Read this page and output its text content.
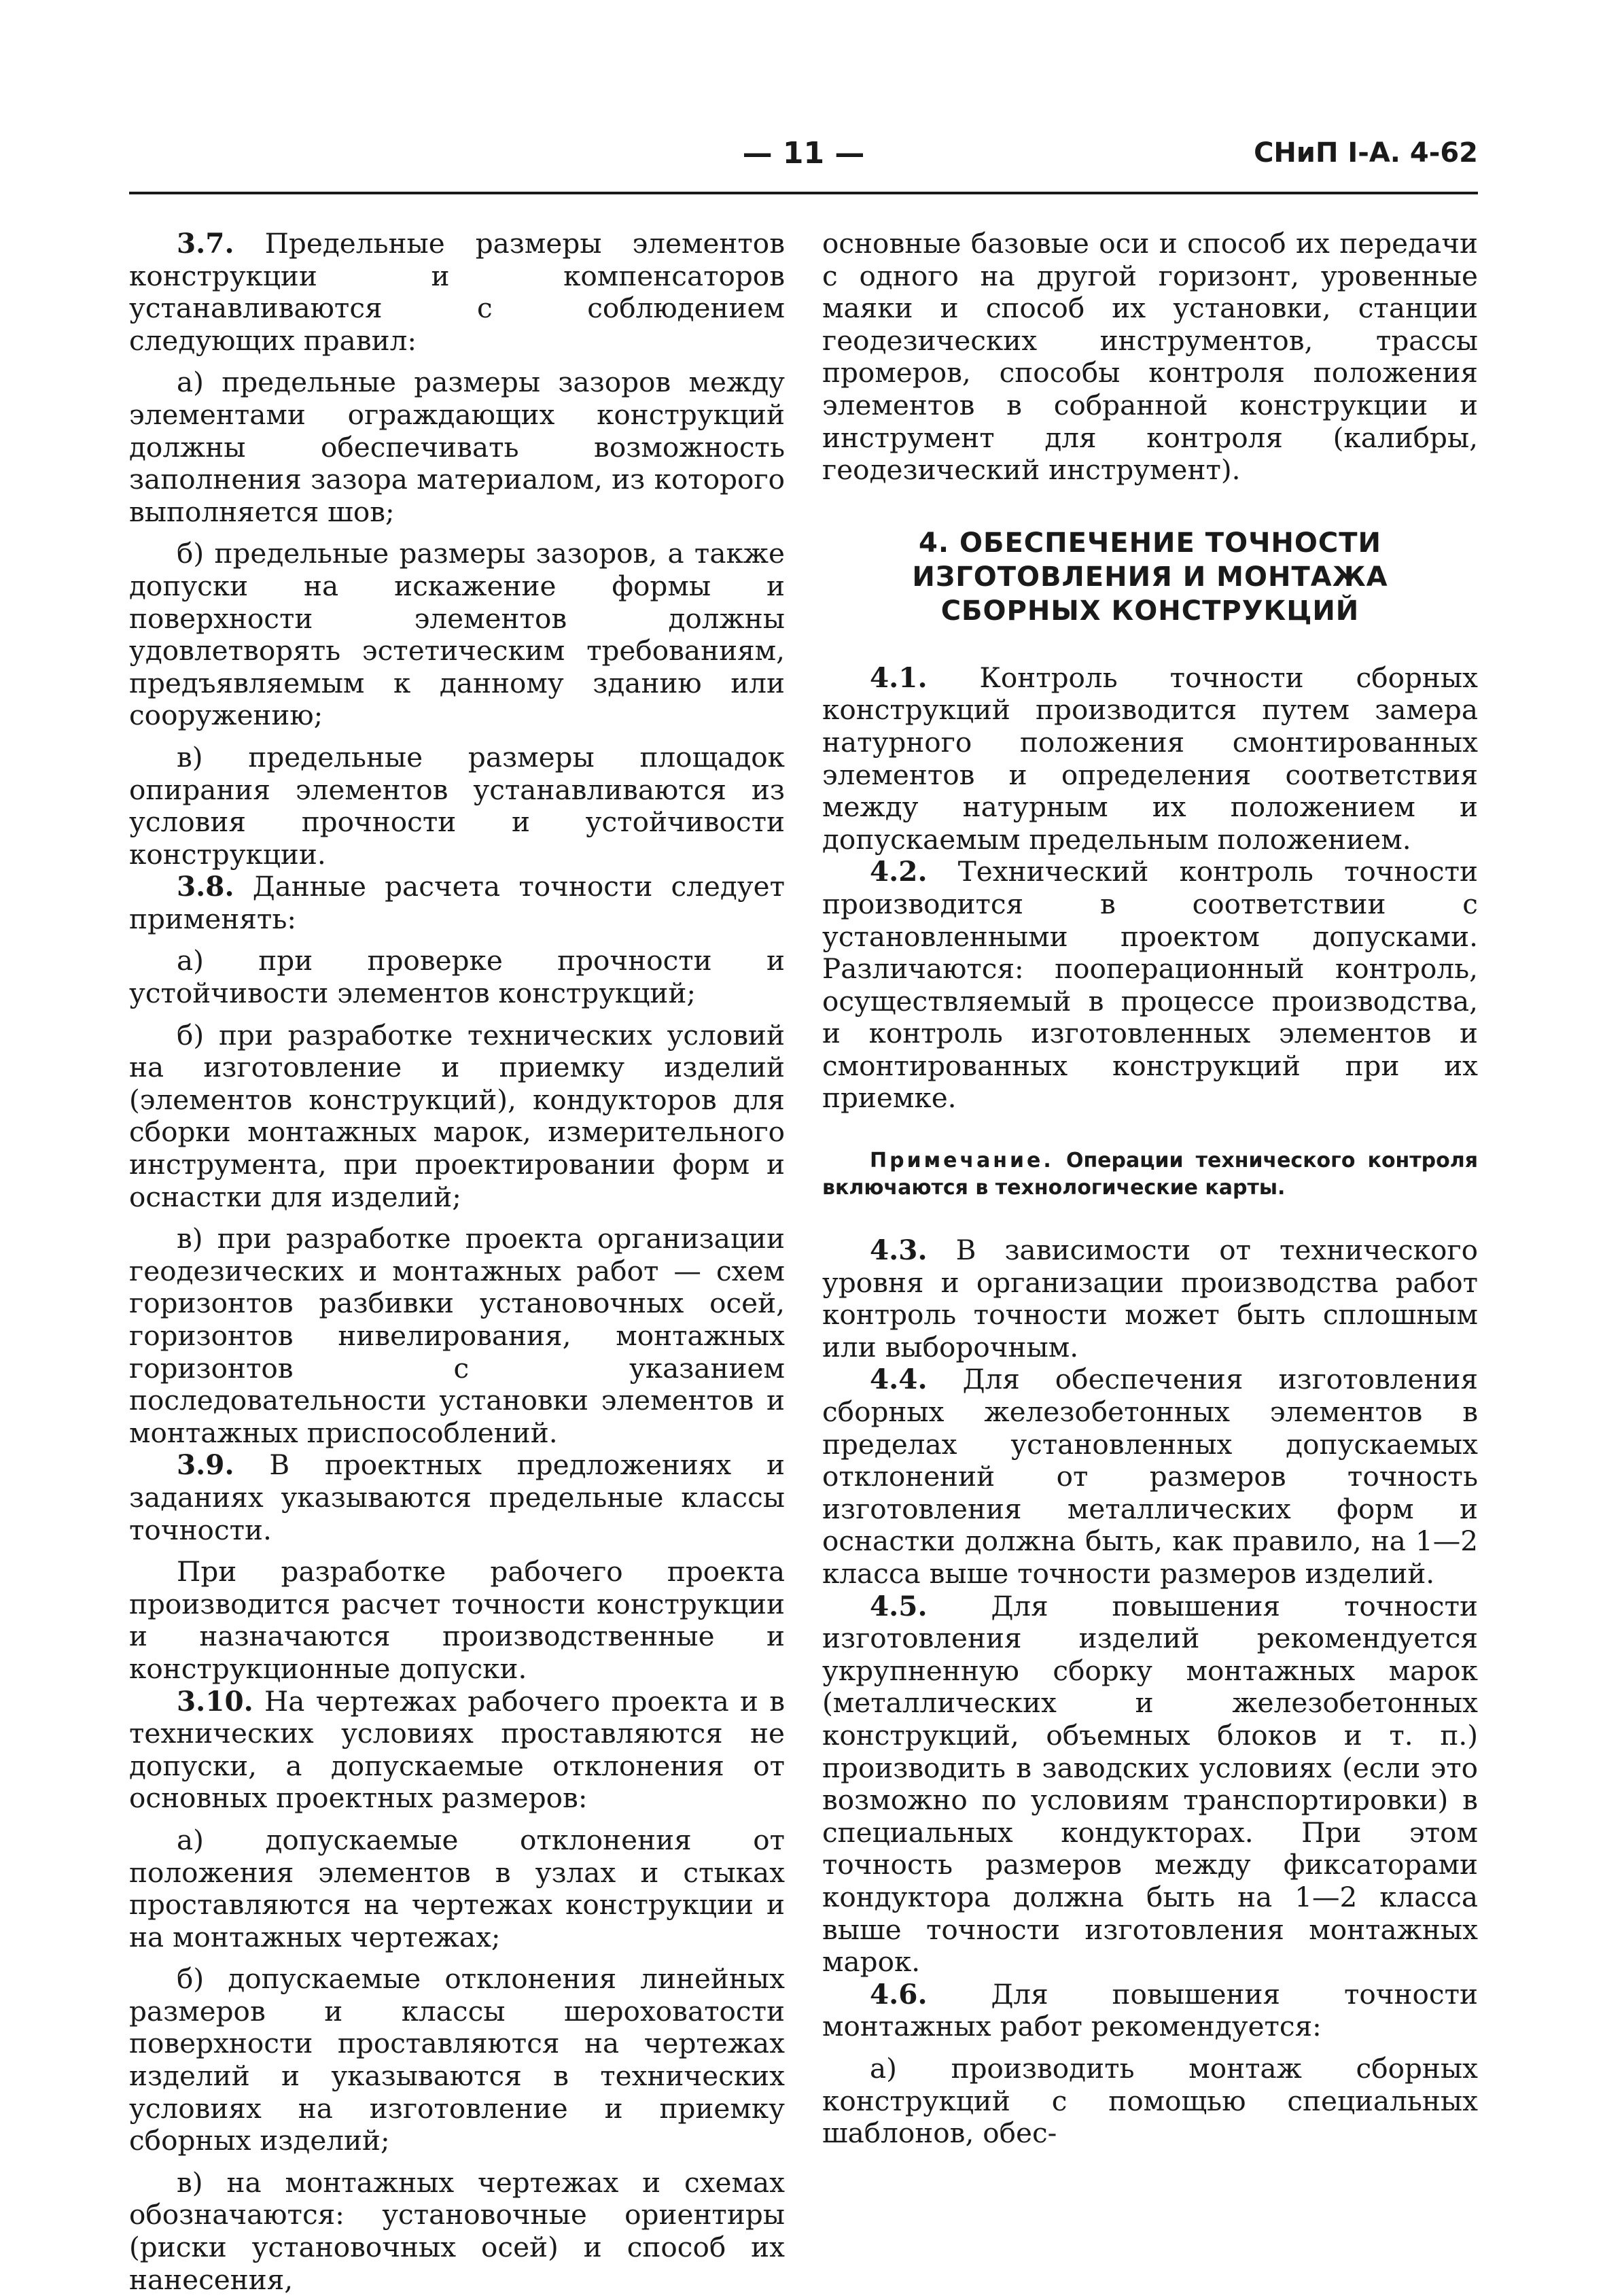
— 11 —	СНиП I-А. 4-62

3.7. Предельные размеры элементов конструкции и компенсаторов устанавливаются с соблюдением следующих правил:

а) предельные размеры зазоров между элементами ограждающих конструкций должны обеспечивать возможность заполнения зазора материалом, из которого выполняется шов;

б) предельные размеры зазоров, а также допуски на искажение формы и поверхности элементов должны удовлетворять эстетическим требованиям, предъявляемым к данному зданию или сооружению;

в) предельные размеры площадок опирания элементов устанавливаются из условия прочности и устойчивости конструкции.

3.8. Данные расчета точности следует применять:

а) при проверке прочности и устойчивости элементов конструкций;

б) при разработке технических условий на изготовление и приемку изделий (элементов конструкций), кондукторов для сборки монтажных марок, измерительного инструмента, при проектировании форм и оснастки для изделий;

в) при разработке проекта организации геодезических и монтажных работ — схем горизонтов разбивки установочных осей, горизонтов нивелирования, монтажных горизонтов с указанием последовательности установки элементов и монтажных приспособлений.

3.9. В проектных предложениях и заданиях указываются предельные классы точности.

При разработке рабочего проекта производится расчет точности конструкции и назначаются производственные и конструкционные допуски.

3.10. На чертежах рабочего проекта и в технических условиях проставляются не допуски, а допускаемые отклонения от основных проектных размеров:

а) допускаемые отклонения от положения элементов в узлах и стыках проставляются на чертежах конструкции и на монтажных чертежах;

б) допускаемые отклонения линейных размеров и классы шероховатости поверхности проставляются на чертежах изделий и указываются в технических условиях на изготовление и приемку сборных изделий;

в) на монтажных чертежах и схемах обозначаются: установочные ориентиры (риски установочных осей) и способ их нанесения,

основные базовые оси и способ их передачи с одного на другой горизонт, уровенные маяки и способ их установки, станции геодезических инструментов, трассы промеров, способы контроля положения элементов в собранной конструкции и инструмент для контроля (калибры, геодезический инструмент).

4. ОБЕСПЕЧЕНИЕ ТОЧНОСТИ
ИЗГОТОВЛЕНИЯ И МОНТАЖА
СБОРНЫХ КОНСТРУКЦИЙ

4.1. Контроль точности сборных конструкций производится путем замера натурного положения смонтированных элементов и определения соответствия между натурным их положением и допускаемым предельным положением.

4.2. Технический контроль точности производится в соответствии с установленными проектом допусками. Различаются: пооперационный контроль, осуществляемый в процессе производства, и контроль изготовленных элементов и смонтированных конструкций при их приемке.

Примечание. Операции технического контроля включаются в технологические карты.

4.3. В зависимости от технического уровня и организации производства работ контроль точности может быть сплошным или выборочным.

4.4. Для обеспечения изготовления сборных железобетонных элементов в пределах установленных допускаемых отклонений от размеров точность изготовления металлических форм и оснастки должна быть, как правило, на 1—2 класса выше точности размеров изделий.

4.5. Для повышения точности изготовления изделий рекомендуется укрупненную сборку монтажных марок (металлических и железобетонных конструкций, объемных блоков и т. п.) производить в заводских условиях (если это возможно по условиям транспортировки) в специальных кондукторах. При этом точность размеров между фиксаторами кондуктора должна быть на 1—2 класса выше точности изготовления монтажных марок.

4.6. Для повышения точности монтажных работ рекомендуется:

а) производить монтаж сборных конструкций с помощью специальных шаблонов, обес-
